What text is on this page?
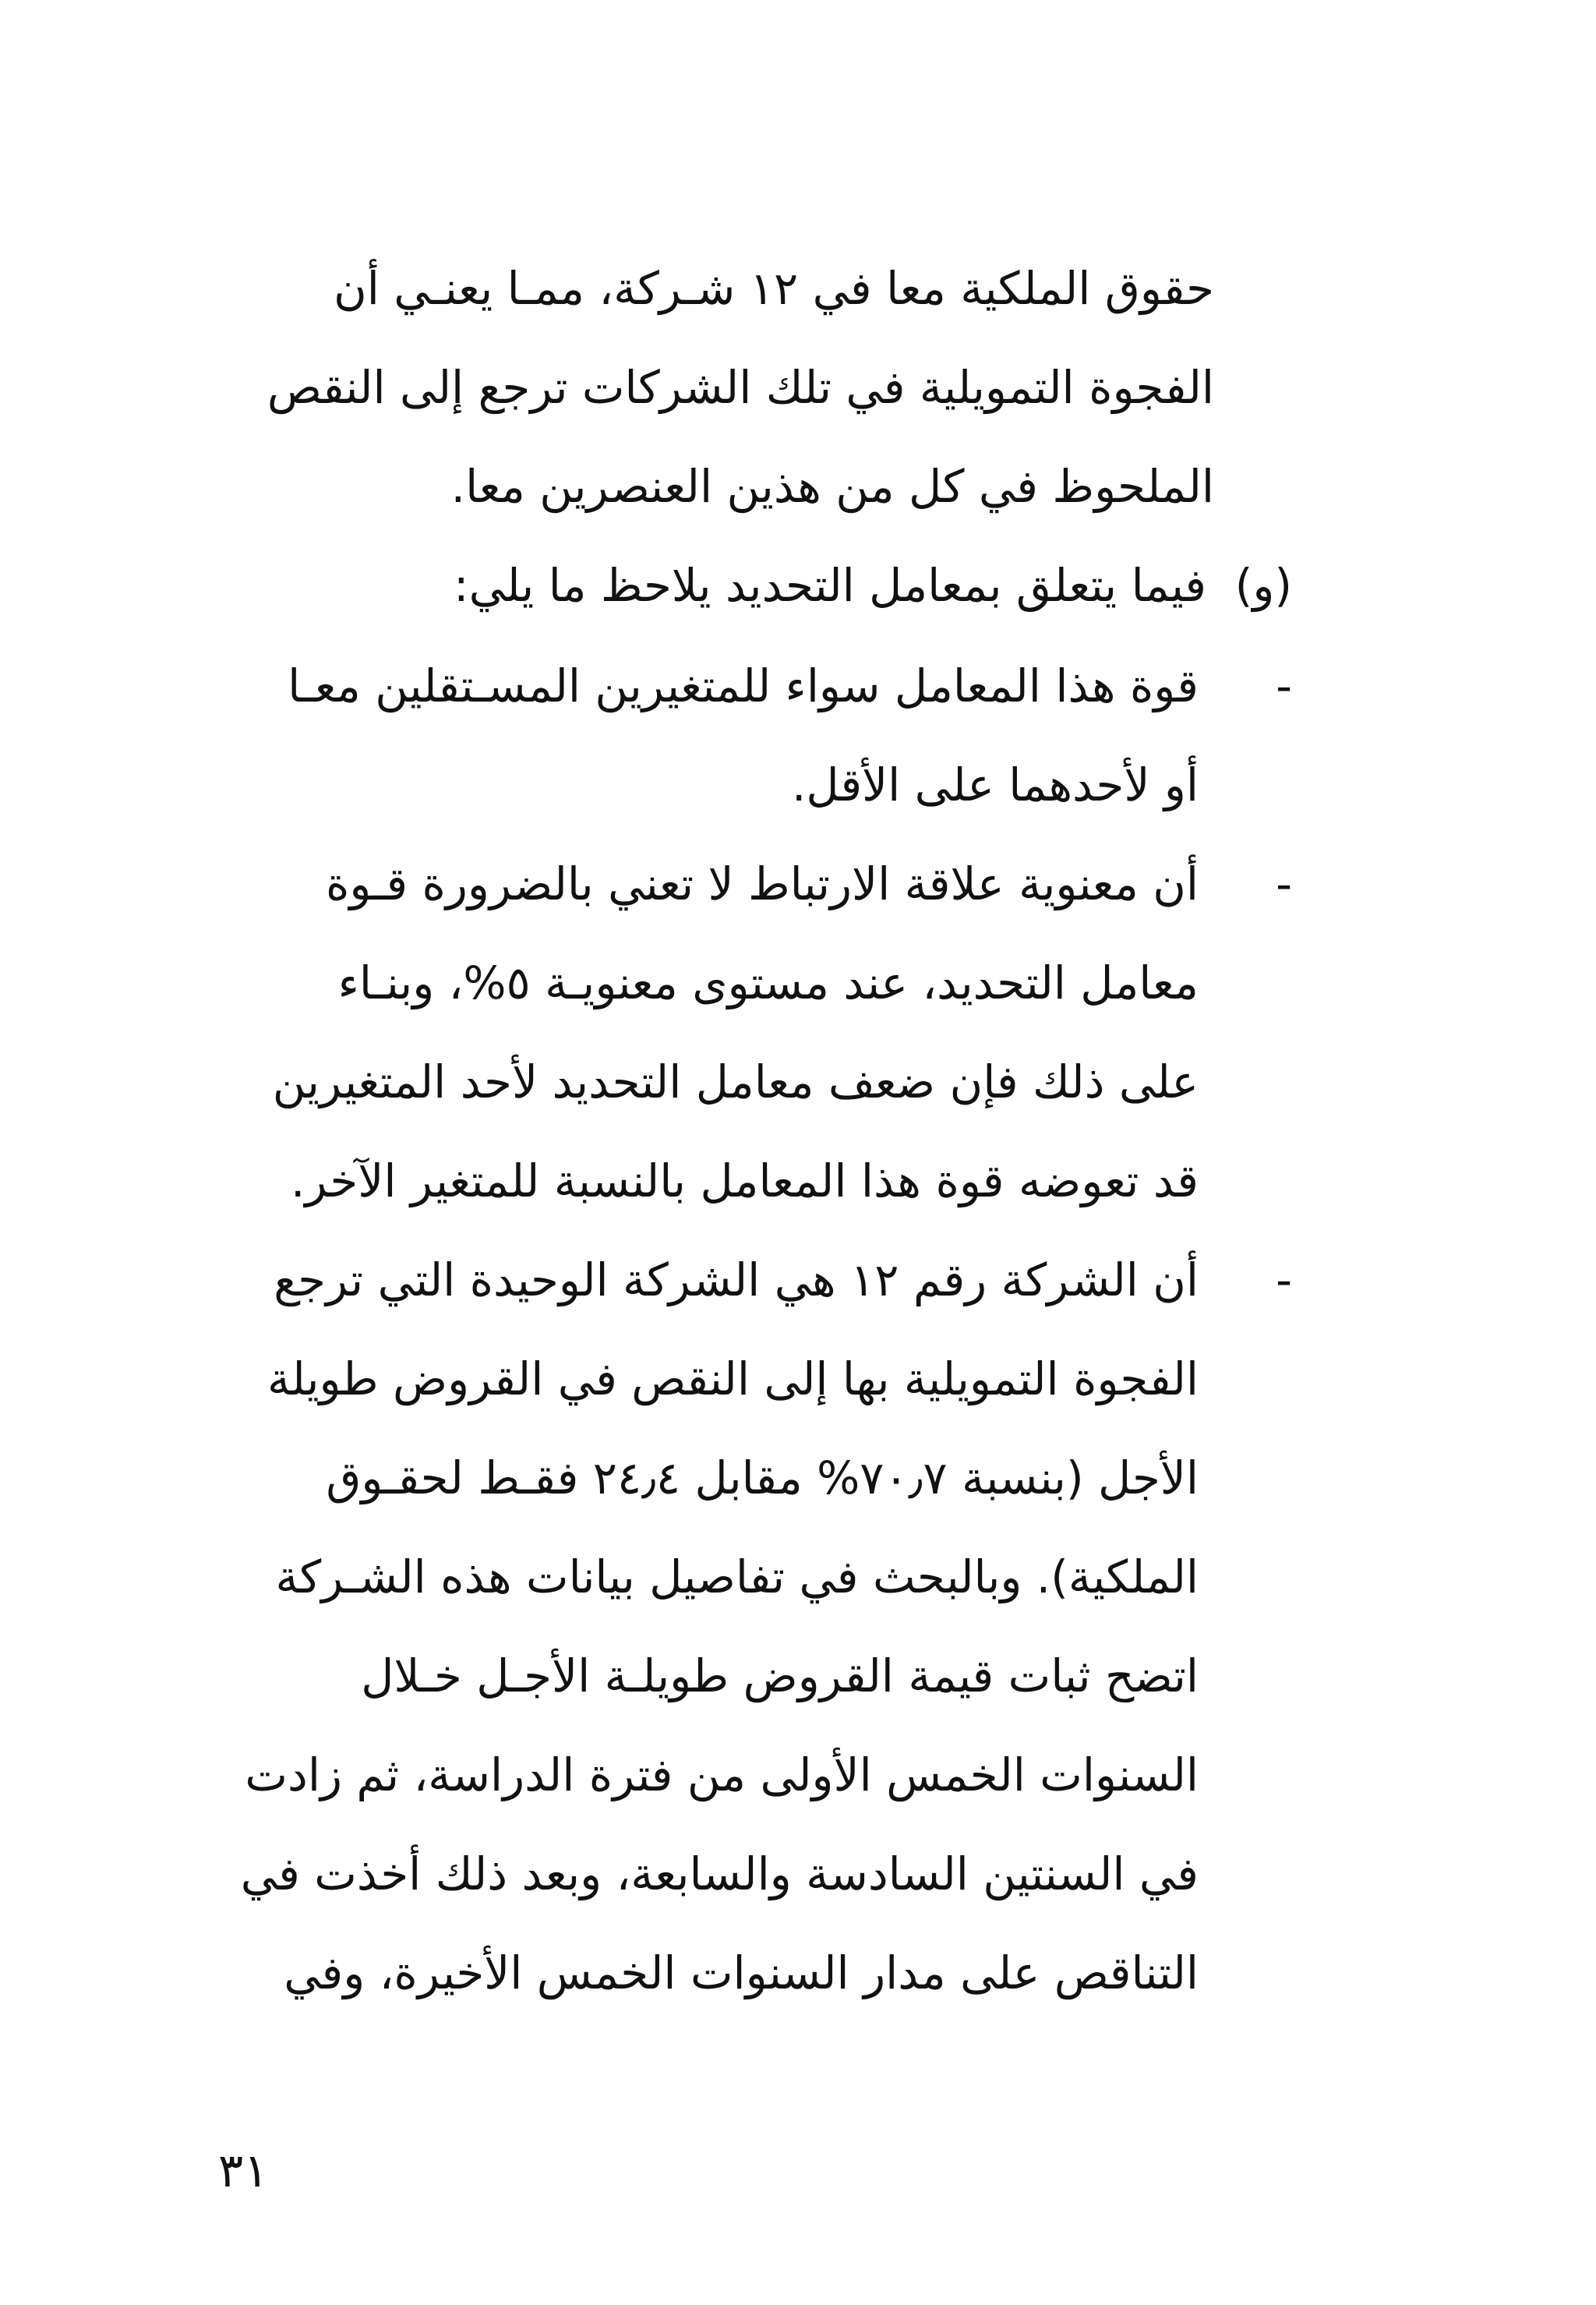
حقوق الملكية معا في ١٢ شـركة، ممـا يعنـي أن
الفجوة التمويلية في تلك الشركات ترجع إلى النقص
الملحوظ في كل من هذين العنصرين معا.
(و)
فيما يتعلق بمعامل التحديد يلاحظ ما يلي:
-
قوة هذا المعامل سواء للمتغيرين المسـتقلين معـا
أو لأحدهما على الأقل.
-
أن معنوية علاقة الارتباط لا تعني بالضرورة قـوة
معامل التحديد، عند مستوى معنويـة ٥%، وبنـاء
على ذلك فإن ضعف معامل التحديد لأحد المتغيرين
قد تعوضه قوة هذا المعامل بالنسبة للمتغير الآخر.
-
أن الشركة رقم ١٢ هي الشركة الوحيدة التي ترجع
الفجوة التمويلية بها إلى النقص في القروض طويلة
الأجل (بنسبة ٧٠٫٧% مقابل ٢٤٫٤ فقـط لحقـوق
الملكية). وبالبحث في تفاصيل بيانات هذه الشـركة
اتضح ثبات قيمة القروض طويلـة الأجـل خـلال
السنوات الخمس الأولى من فترة الدراسة، ثم زادت
في السنتين السادسة والسابعة، وبعد ذلك أخذت في
التناقص على مدار السنوات الخمس الأخيرة، وفي
٣١
